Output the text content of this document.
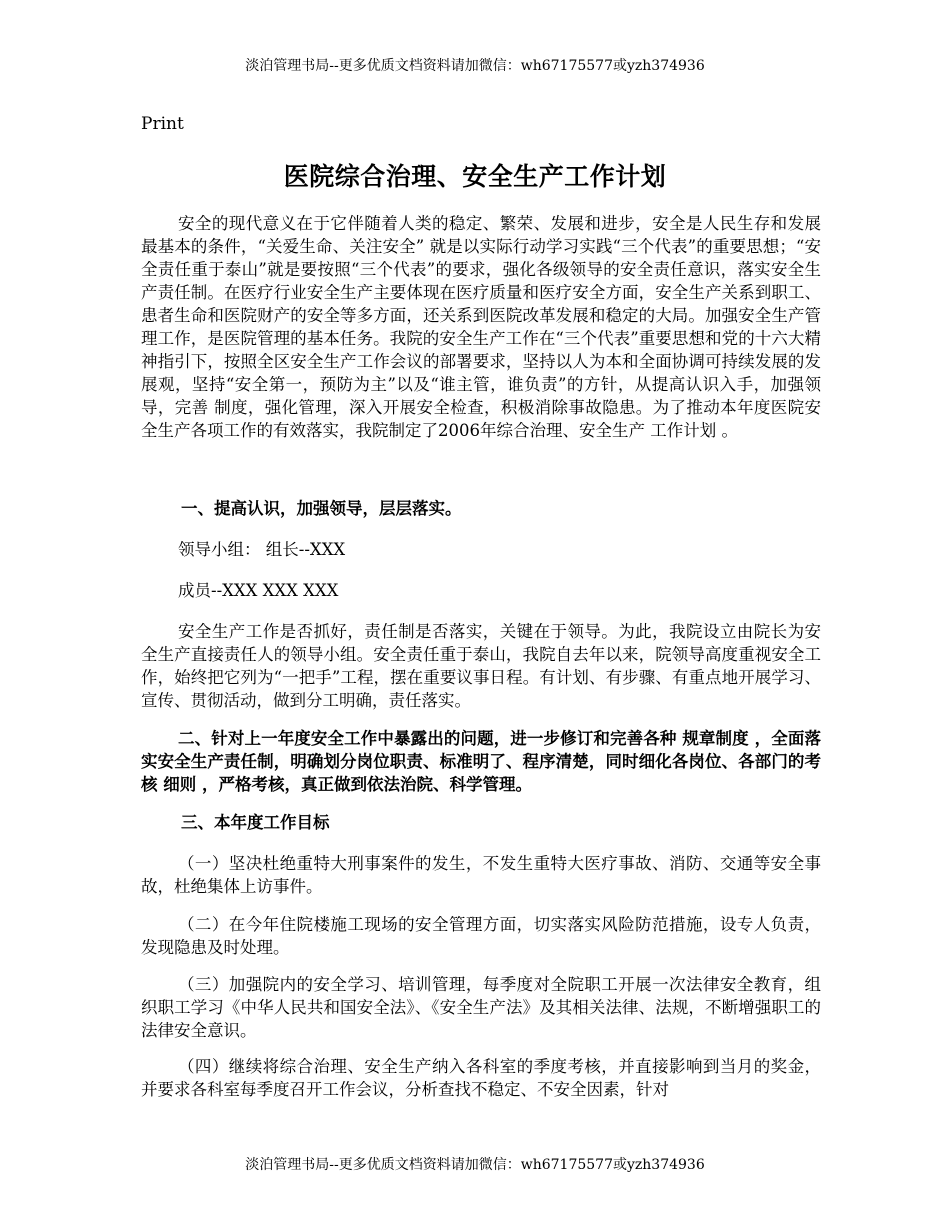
淡泊管理书局--更多优质文档资料请加微信：wh67175577或yzh374936
Print
医院综合治理、安全生产工作计划

安全的现代意义在于它伴随着人类的稳定、繁荣、发展和进步，安全是人民生存和发展最基本的条件，“关爱生命、关注安全” 就是以实际行动学习实践“三个代表”的重要思想；“安全责任重于泰山”就是要按照“三个代表”的要求，强化各级领导的安全责任意识，落实安全生产责任制。在医疗行业安全生产主要体现在医疗质量和医疗安全方面，安全生产关系到职工、患者生命和医院财产的安全等多方面，还关系到医院改革发展和稳定的大局。加强安全生产管理工作，是医院管理的基本任务。我院的安全生产工作在“三个代表”重要思想和党的十六大精神指引下，按照全区安全生产工作会议的部署要求，坚持以人为本和全面协调可持续发展的发展观，坚持“安全第一，预防为主”以及“谁主管，谁负责”的方针，从提高认识入手，加强领导，完善 制度，强化管理，深入开展安全检查，积极消除事故隐患。为了推动本年度医院安全生产各项工作的有效落实，我院制定了2006年综合治理、安全生产 工作计划 。

一、提高认识，加强领导，层层落实。

领导小组： 组长--XXX

成员--XXX XXX XXX

安全生产工作是否抓好，责任制是否落实，关键在于领导。为此，我院设立由院长为安全生产直接责任人的领导小组。安全责任重于泰山，我院自去年以来，院领导高度重视安全工作，始终把它列为“一把手”工程，摆在重要议事日程。有计划、有步骤、有重点地开展学习、宣传、贯彻活动，做到分工明确，责任落实。

二、针对上一年度安全工作中暴露出的问题，进一步修订和完善各种 规章制度 ，全面落实安全生产责任制，明确划分岗位职责、标准明了、程序清楚，同时细化各岗位、各部门的考核 细则 ，严格考核，真正做到依法治院、科学管理。

三、本年度工作目标

（一）坚决杜绝重特大刑事案件的发生，不发生重特大医疗事故、消防、交通等安全事故，杜绝集体上访事件。

（二）在今年住院楼施工现场的安全管理方面，切实落实风险防范措施，设专人负责，发现隐患及时处理。

（三）加强院内的安全学习、培训管理，每季度对全院职工开展一次法律安全教育，组织职工学习《中华人民共和国安全法》、《安全生产法》及其相关法律、法规，不断增强职工的法律安全意识。

（四）继续将综合治理、安全生产纳入各科室的季度考核，并直接影响到当月的奖金，并要求各科室每季度召开工作会议，分析查找不稳定、不安全因素，针对

淡泊管理书局--更多优质文档资料请加微信：wh67175577或yzh374936
